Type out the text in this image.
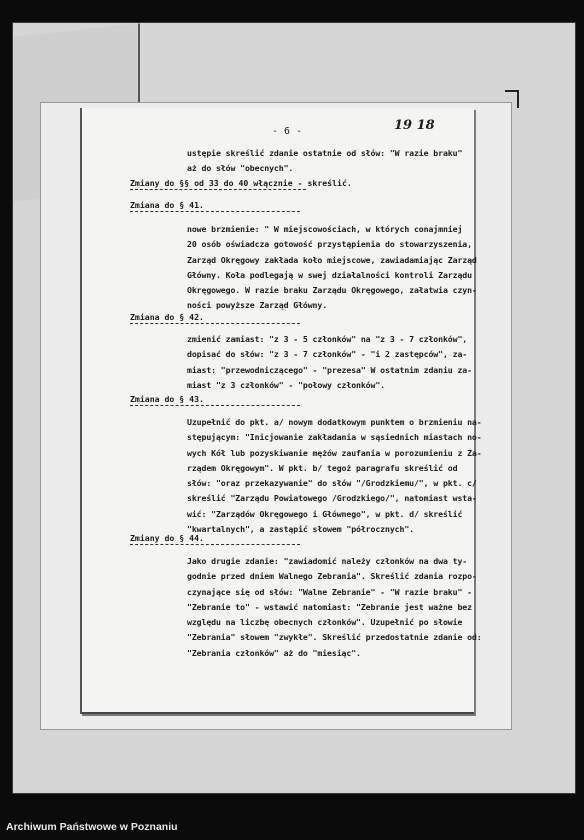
- 6 -	19 18
ustępie skreślić zdanie ostatnie od słów: "W razie braku"
aż do słów "obecnych".
Zmiany do §§ od 33 do 40 włącznie - skreślić.
Zmiana do § 41.
nowe brzmienie: " W miejscowościach, w których conajmniej
20 osób oświadcza gotowość przystąpienia do stowarzyszenia,
Zarząd Okręgowy zakłada koło miejscowe, zawiadamiając Zarząd
Główny. Koła podlegają w swej działalności kontroli Zarządu
Okręgowego. W razie braku Zarządu Okręgowego, załatwia czyn-
ności powyższe Zarząd Główny.
Zmiana do § 42.
zmienić zamiast: "z 3 - 5 członków" na "z 3 - 7 członków",
dopisać do słów: "z 3 - 7 członków" - "i 2 zastępców", za-
miast: "przewodniczącego" - "prezesa" W ostatnim zdaniu za-
miast "z 3 członków" - "połowy członków".
Zmiana do § 43.
Uzupełnić do pkt. a/ nowym dodatkowym punktem o brzmieniu na-
stępującym: "Inicjowanie zakładania w sąsiednich miastach no-
wych Kół lub pozyskiwanie mężów zaufania w porozumieniu z Za-
rządem Okręgowym". W pkt. b/ tegoż paragrafu skreślić od
słów: "oraz przekazywanie" do słów "/Grodzkiemu/", w pkt. c/
skreślić "Zarządu Powiatowego /Grodzkiego/", natomiast wsta-
wić: "Zarządów Okręgowego i Głównego", w pkt. d/ skreślić
"kwartalnych", a zastąpić słowem "półrocznych".
Zmiany do § 44.
Jako drugie zdanie: "zawiadomić należy członków na dwa ty-
godnie przed dniem Walnego Zebrania". Skreślić zdania rozpo-
czynające się od słów: "Walne Zebranie" - "W razie braku" -
"Zebranie to" - wstawić natomiast: "Zebranie jest ważne bez
względu na liczbę obecnych członków". Uzupełnić po słowie
"Zebrania" słowem "zwykłe". Skreślić przedostatnie zdanie od:
"Zebrania członków" aż do "miesiąc".
Archiwum Państwowe w Poznaniu
